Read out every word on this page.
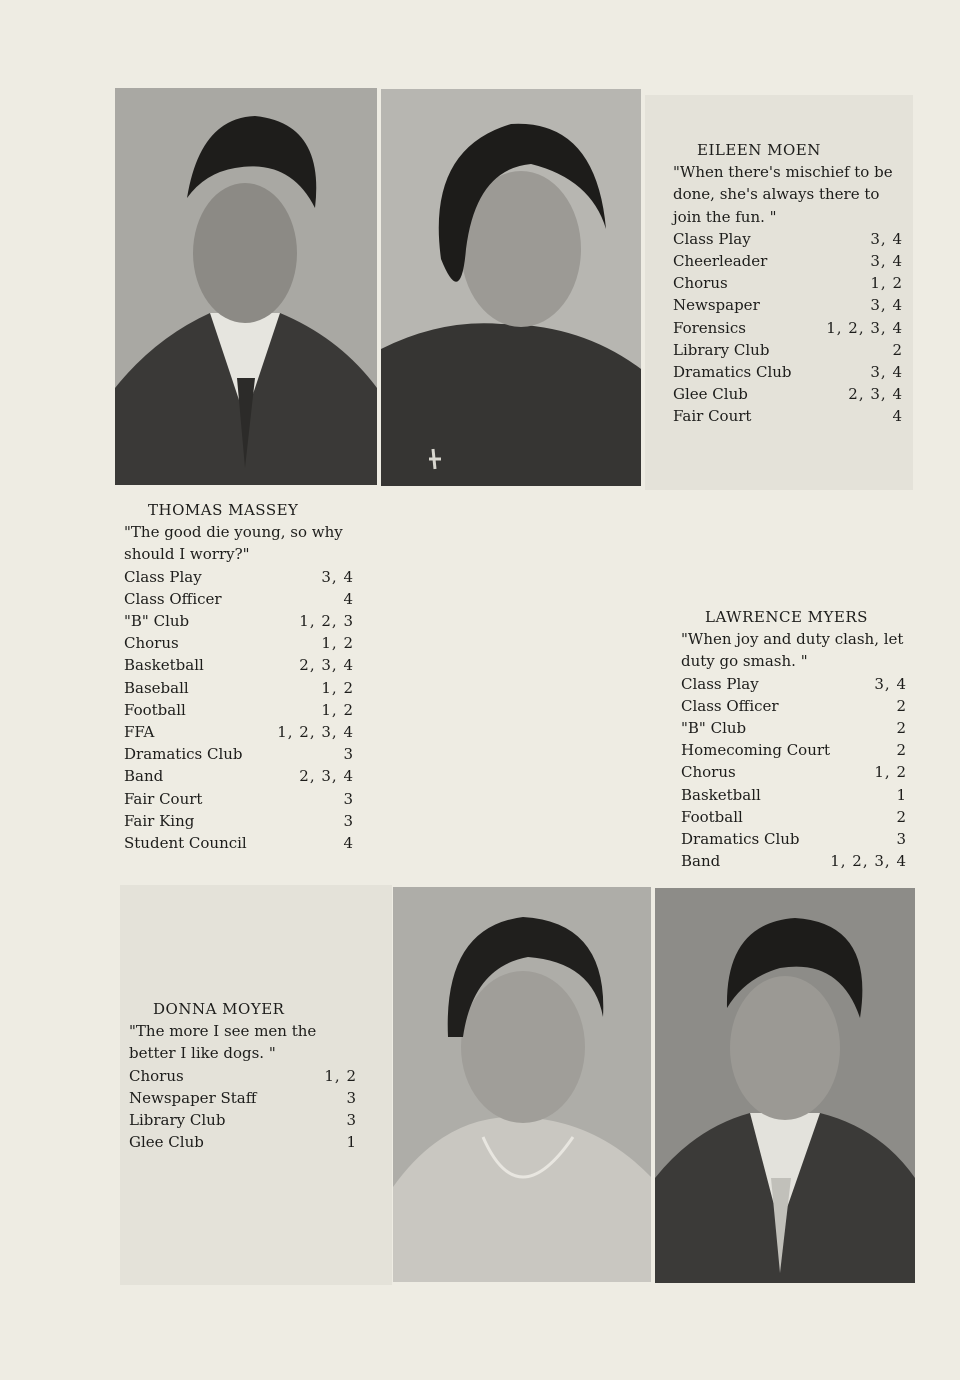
EILEEN MOEN
"When there's mischief to be done, she's always there to join the fun. "
Class Play	3, 4
Cheerleader	3, 4
Chorus	1, 2
Newspaper	3, 4
Forensics	1, 2, 3, 4
Library Club	2
Dramatics Club	3, 4
Glee Club	2, 3, 4
Fair Court	4
THOMAS MASSEY
"The good die young, so why should I worry?"
Class Play	3, 4
Class Officer	4
"B" Club	1, 2, 3
Chorus	1, 2
Basketball	2, 3, 4
Baseball	1, 2
Football	1, 2
FFA	1, 2, 3, 4
Dramatics Club	3
Band	2, 3, 4
Fair Court	3
Fair King	3
Student Council	4
LAWRENCE MYERS
"When joy and duty clash, let duty go smash. "
Class Play	3, 4
Class Officer	2
"B" Club	2
Homecoming Court	2
Chorus	1, 2
Basketball	1
Football	2
Dramatics Club	3
Band	1, 2, 3, 4
DONNA MOYER
"The more I see men the better I like dogs. "
Chorus	1, 2
Newspaper Staff	3
Library Club	3
Glee Club	1
